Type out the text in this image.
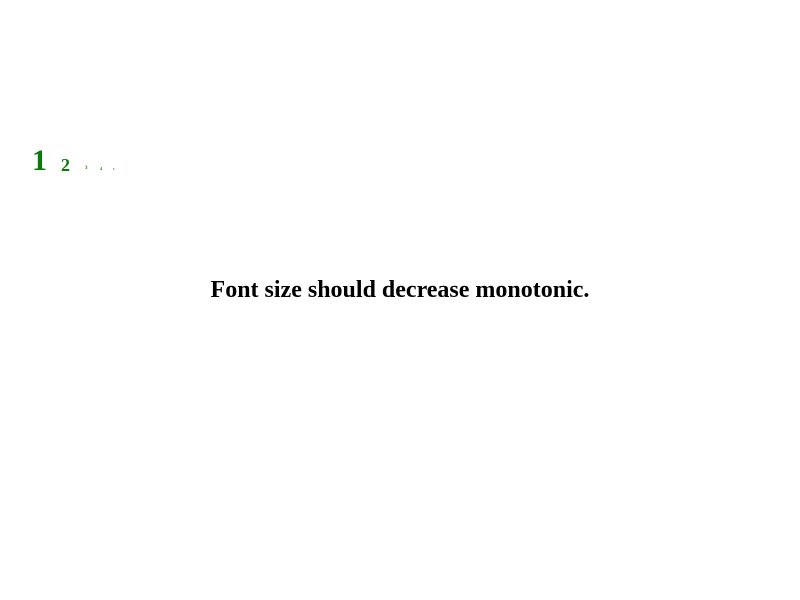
1 2	3	4	5
Font size should decrease monotonic.
